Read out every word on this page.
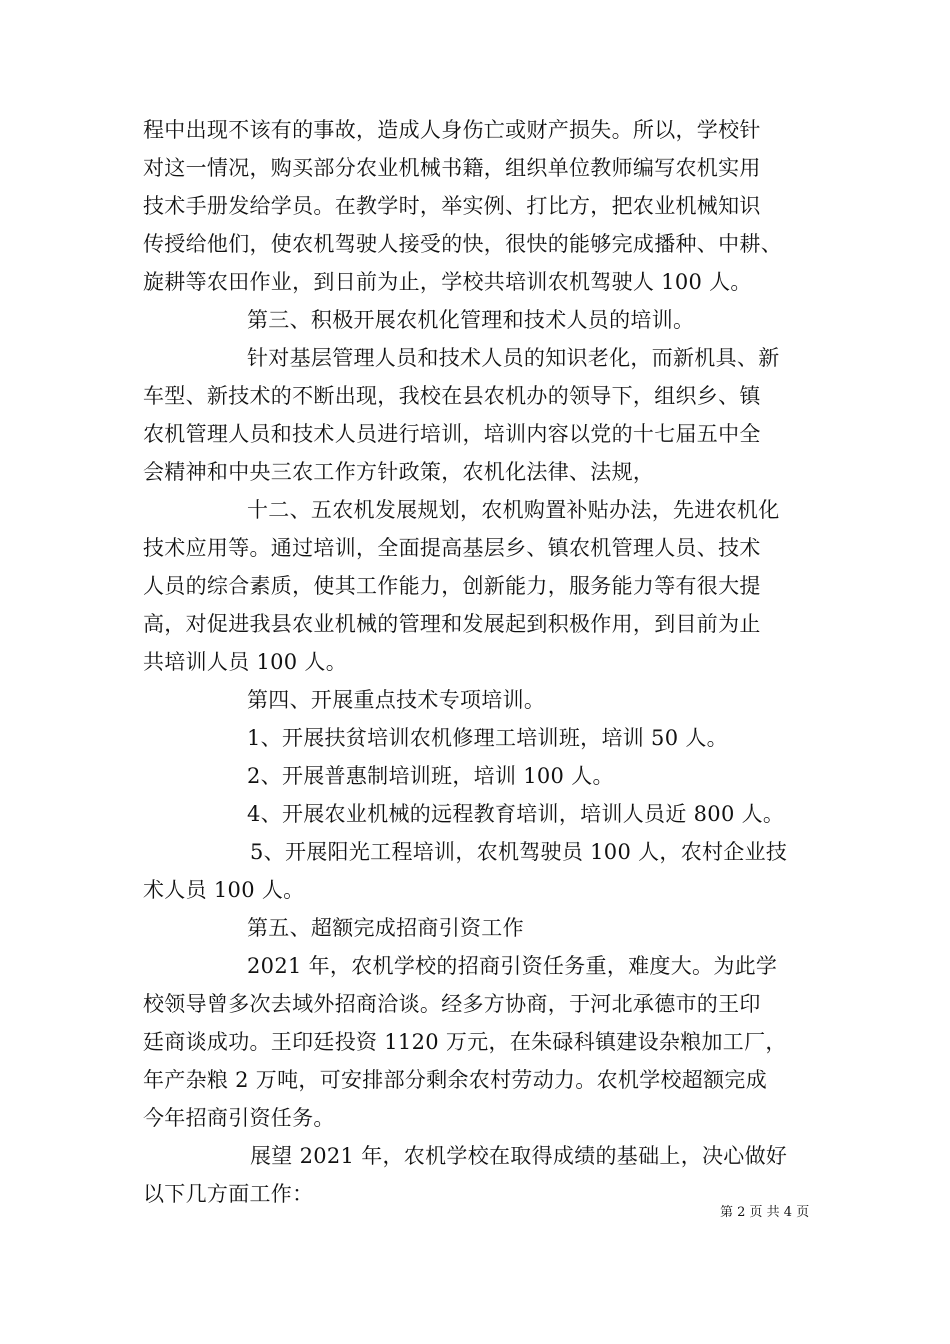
程中出现不该有的事故，造成人身伤亡或财产损失。所以，学校针
对这一情况，购买部分农业机械书籍，组织单位教师编写农机实用
技术手册发给学员。在教学时，举实例、打比方，把农业机械知识
传授给他们，使农机驾驶人接受的快，很快的能够完成播种、中耕、
旋耕等农田作业，到日前为止，学校共培训农机驾驶人 100 人。
第三、积极开展农机化管理和技术人员的培训。
针对基层管理人员和技术人员的知识老化，而新机具、新
车型、新技术的不断出现，我校在县农机办的领导下，组织乡、镇
农机管理人员和技术人员进行培训，培训内容以党的十七届五中全
会精神和中央三农工作方针政策，农机化法律、法规，
十二、五农机发展规划，农机购置补贴办法，先进农机化
技术应用等。通过培训，全面提高基层乡、镇农机管理人员、技术
人员的综合素质，使其工作能力，创新能力，服务能力等有很大提
高，对促进我县农业机械的管理和发展起到积极作用，到目前为止
共培训人员 100 人。
第四、开展重点技术专项培训。
1、开展扶贫培训农机修理工培训班，培训 50 人。
2、开展普惠制培训班，培训 100 人。
4、开展农业机械的远程教育培训，培训人员近 800 人。
5、开展阳光工程培训，农机驾驶员 100 人，农村企业技
术人员 100 人。
第五、超额完成招商引资工作
2021 年，农机学校的招商引资任务重，难度大。为此学
校领导曾多次去域外招商洽谈。经多方协商，于河北承德市的王印
廷商谈成功。王印廷投资 1120 万元，在朱碌科镇建设杂粮加工厂，
年产杂粮 2 万吨，可安排部分剩余农村劳动力。农机学校超额完成
今年招商引资任务。
展望 2021 年，农机学校在取得成绩的基础上，决心做好
以下几方面工作：
第 2 页 共 4 页
